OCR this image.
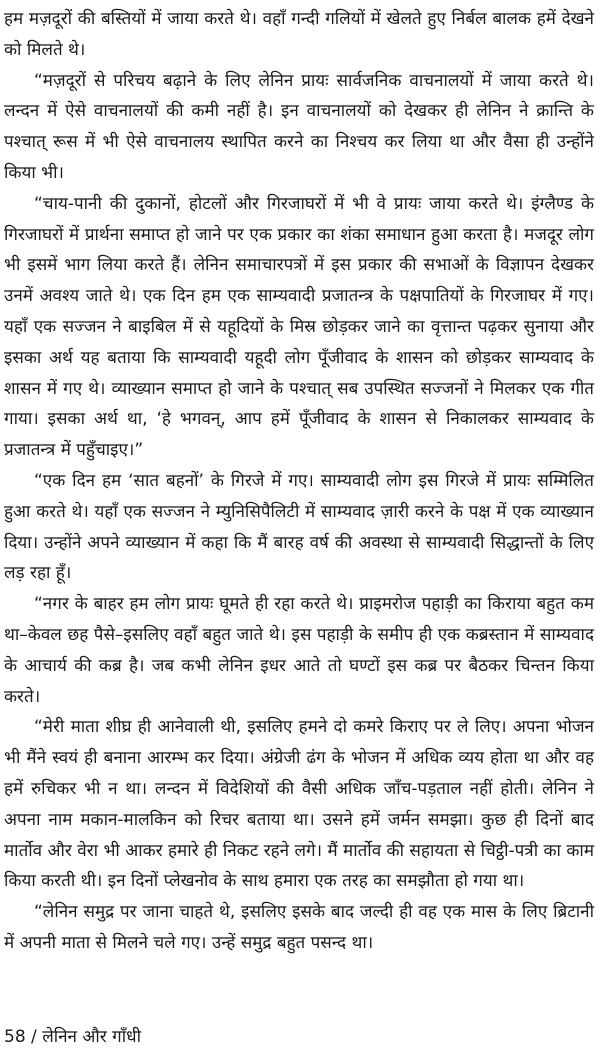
हम मज़दूरों की बस्तियों में जाया करते थे। वहाँ गन्दी गलियों में खेलते हुए निर्बल बालक हमें देखने को मिलते थे।

“मज़दूरों से परिचय बढ़ाने के लिए लेनिन प्रायः सार्वजनिक वाचनालयों में जाया करते थे। लन्दन में ऐसे वाचनालयों की कमी नहीं है। इन वाचनालयों को देखकर ही लेनिन ने क्रान्ति के पश्चात् रूस में भी ऐसे वाचनालय स्थापित करने का निश्चय कर लिया था और वैसा ही उन्होंने किया भी।

“चाय-पानी की दुकानों, होटलों और गिरजाघरों में भी वे प्रायः जाया करते थे। इंग्लैण्ड के गिरजाघरों में प्रार्थना समाप्त हो जाने पर एक प्रकार का शंका समाधान हुआ करता है। मजदूर लोग भी इसमें भाग लिया करते हैं। लेनिन समाचारपत्रों में इस प्रकार की सभाओं के विज्ञापन देखकर उनमें अवश्य जाते थे। एक दिन हम एक साम्यवादी प्रजातन्त्र के पक्षपातियों के गिरजाघर में गए। यहाँ एक सज्जन ने बाइबिल में से यहूदियों के मिस्र छोड़कर जाने का वृत्तान्त पढ़कर सुनाया और इसका अर्थ यह बताया कि साम्यवादी यहूदी लोग पूँजीवाद के शासन को छोड़कर साम्यवाद के शासन में गए थे। व्याख्यान समाप्त हो जाने के पश्चात् सब उपस्थित सज्जनों ने मिलकर एक गीत गाया। इसका अर्थ था, ‘हे भगवन्, आप हमें पूँजीवाद के शासन से निकालकर साम्यवाद के प्रजातन्त्र में पहुँचाइए।”

“एक दिन हम ‘सात बहनों’ के गिरजे में गए। साम्यवादी लोग इस गिरजे में प्रायः सम्मिलित हुआ करते थे। यहाँ एक सज्जन ने म्युनिसिपैलिटी में साम्यवाद ज़ारी करने के पक्ष में एक व्याख्यान दिया। उन्होंने अपने व्याख्यान में कहा कि मैं बारह वर्ष की अवस्था से साम्यवादी सिद्धान्तों के लिए लड़ रहा हूँ।

“नगर के बाहर हम लोग प्रायः घूमते ही रहा करते थे। प्राइमरोज पहाड़ी का किराया बहुत कम था–केवल छह पैसे–इसलिए वहाँ बहुत जाते थे। इस पहाड़ी के समीप ही एक कब्रस्तान में साम्यवाद के आचार्य की कब्र है। जब कभी लेनिन इधर आते तो घण्टों इस कब्र पर बैठकर चिन्तन किया करते।

“मेरी माता शीघ्र ही आनेवाली थी, इसलिए हमने दो कमरे किराए पर ले लिए। अपना भोजन भी मैंने स्वयं ही बनाना आरम्भ कर दिया। अंग्रेजी ढंग के भोजन में अधिक व्यय होता था और वह हमें रुचिकर भी न था। लन्दन में विदेशियों की वैसी अधिक जाँच-पड़ताल नहीं होती। लेनिन ने अपना नाम मकान-मालकिन को रिचर बताया था। उसने हमें जर्मन समझा। कुछ ही दिनों बाद मार्तोव और वेरा भी आकर हमारे ही निकट रहने लगे। मैं मार्तोव की सहायता से चिट्ठी-पत्री का काम किया करती थी। इन दिनों प्लेखनोव के साथ हमारा एक तरह का समझौता हो गया था।

“लेनिन समुद्र पर जाना चाहते थे, इसलिए इसके बाद जल्दी ही वह एक मास के लिए ब्रिटानी में अपनी माता से मिलने चले गए। उन्हें समुद्र बहुत पसन्द था।

58 / लेनिन और गाँधी
